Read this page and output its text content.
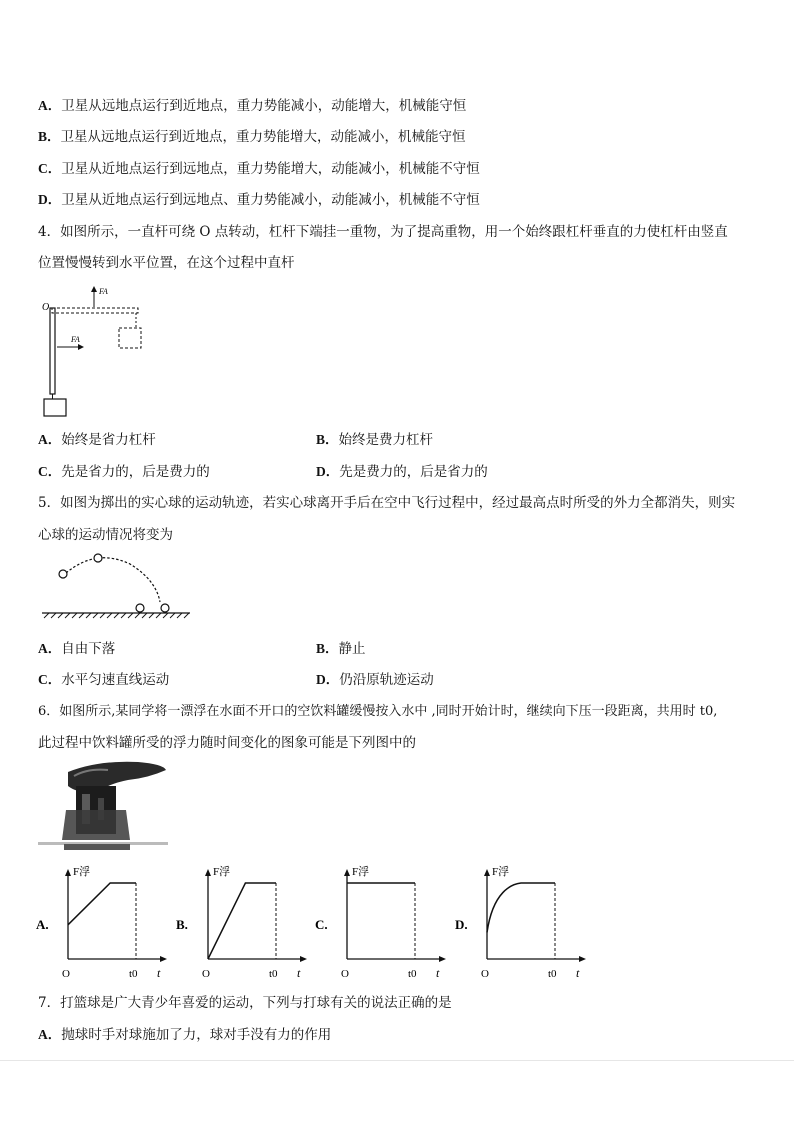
A．卫星从远地点运行到近地点，重力势能减小，动能增大，机械能守恒
B．卫星从远地点运行到近地点，重力势能增大，动能减小，机械能守恒
C．卫星从近地点运行到远地点，重力势能增大，动能减小，机械能不守恒
D．卫星从近地点运行到远地点、重力势能减小，动能减小，机械能不守恒
4．如图所示，一直杆可绕 O 点转动，杠杆下端挂一重物，为了提高重物，用一个始终跟杠杆垂直的力使杠杆由竖直
位置慢慢转到水平位置，在这个过程中直杆
O
FA
FA
A．始终是省力杠杆	B．始终是费力杠杆
C．先是省力的，后是费力的	D．先是费力的，后是省力的
5．如图为掷出的实心球的运动轨迹，若实心球离开手后在空中飞行过程中，经过最高点时所受的外力全都消失，则实
心球的运动情况将变为
A．自由下落	B．静止
C．水平匀速直线运动	D．仍沿原轨迹运动
6．如图所示,某同学将一漂浮在水面不开口的空饮料罐缓慢按入水中 ,同时开始计时，继续向下压一段距离，共用时 t0,
此过程中饮料罐所受的浮力随时间变化的图象可能是下列图中的
A.
F浮
O	t0 t
B.
F浮
O	t0 t
C.
F浮
O	t0 t
D.
F浮
O	t0 t
7．打篮球是广大青少年喜爱的运动，下列与打球有关的说法正确的是
A．抛球时手对球施加了力，球对手没有力的作用
